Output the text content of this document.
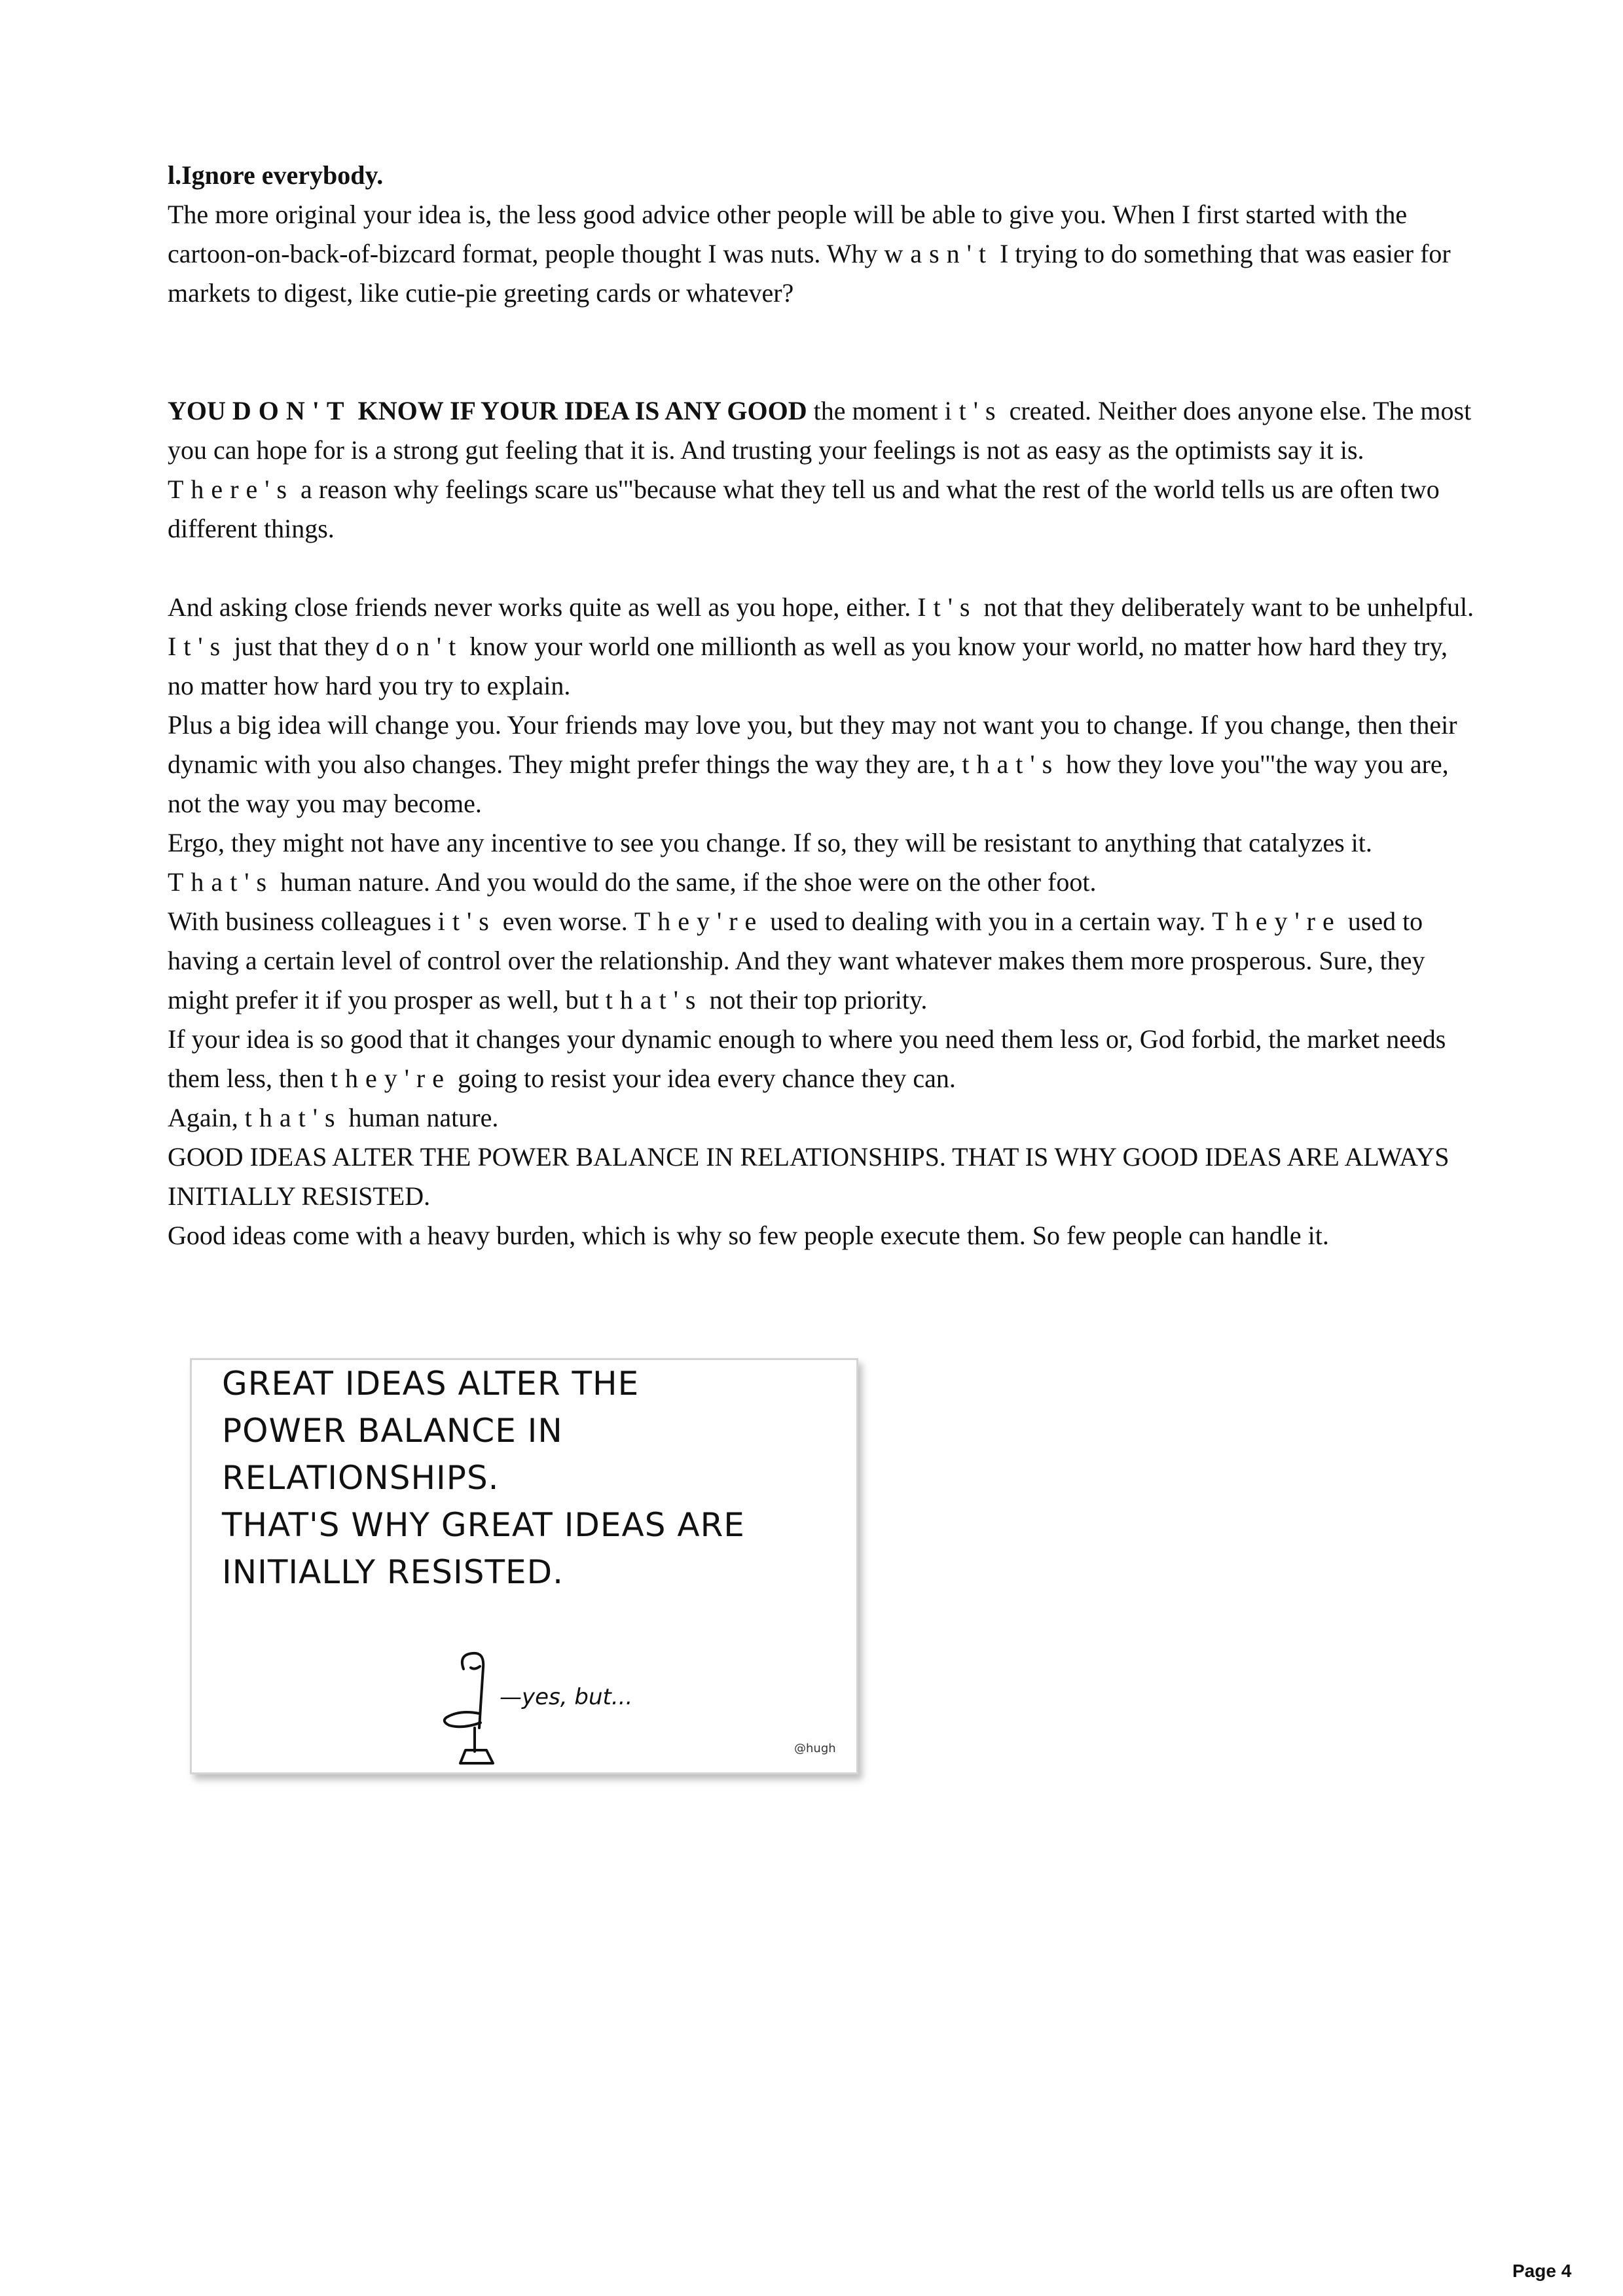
l.Ignore everybody.
The more original your idea is, the less good advice other people will be able to give you. When I first started with the cartoon-on-back-of-bizcard format, people thought I was nuts. Why wasn't I trying to do something that was easier for markets to digest, like cutie-pie greeting cards or whatever?
YOU DON'T KNOW IF YOUR IDEA IS ANY GOOD the moment it's created. Neither does anyone else. The most you can hope for is a strong gut feeling that it is. And trusting your feelings is not as easy as the optimists say it is. There's a reason why feelings scare us'"because what they tell us and what the rest of the world tells us are often two different things.
And asking close friends never works quite as well as you hope, either. It's not that they deliberately want to be unhelpful. It's just that they don't know your world one millionth as well as you know your world, no matter how hard they try, no matter how hard you try to explain.
Plus a big idea will change you. Your friends may love you, but they may not want you to change. If you change, then their dynamic with you also changes. They might prefer things the way they are, that's how they love you'"the way you are, not the way you may become.
Ergo, they might not have any incentive to see you change. If so, they will be resistant to anything that catalyzes it. That's human nature. And you would do the same, if the shoe were on the other foot.
With business colleagues it's even worse. They're used to dealing with you in a certain way. They're used to having a certain level of control over the relationship. And they want whatever makes them more prosperous. Sure, they might prefer it if you prosper as well, but that's not their top priority.
If your idea is so good that it changes your dynamic enough to where you need them less or, God forbid, the market needs them less, then they're going to resist your idea every chance they can.
Again, that's human nature.
GOOD IDEAS ALTER THE POWER BALANCE IN RELATIONSHIPS. THAT IS WHY GOOD IDEAS ARE ALWAYS INITIALLY RESISTED.
Good ideas come with a heavy burden, which is why so few people execute them. So few people can handle it.
GREAT IDEAS ALTER THE
POWER BALANCE IN RELATIONSHIPS.
THAT'S WHY GREAT IDEAS ARE
INITIALLY RESISTED.
—yes, but...
@hugh
Page 4
